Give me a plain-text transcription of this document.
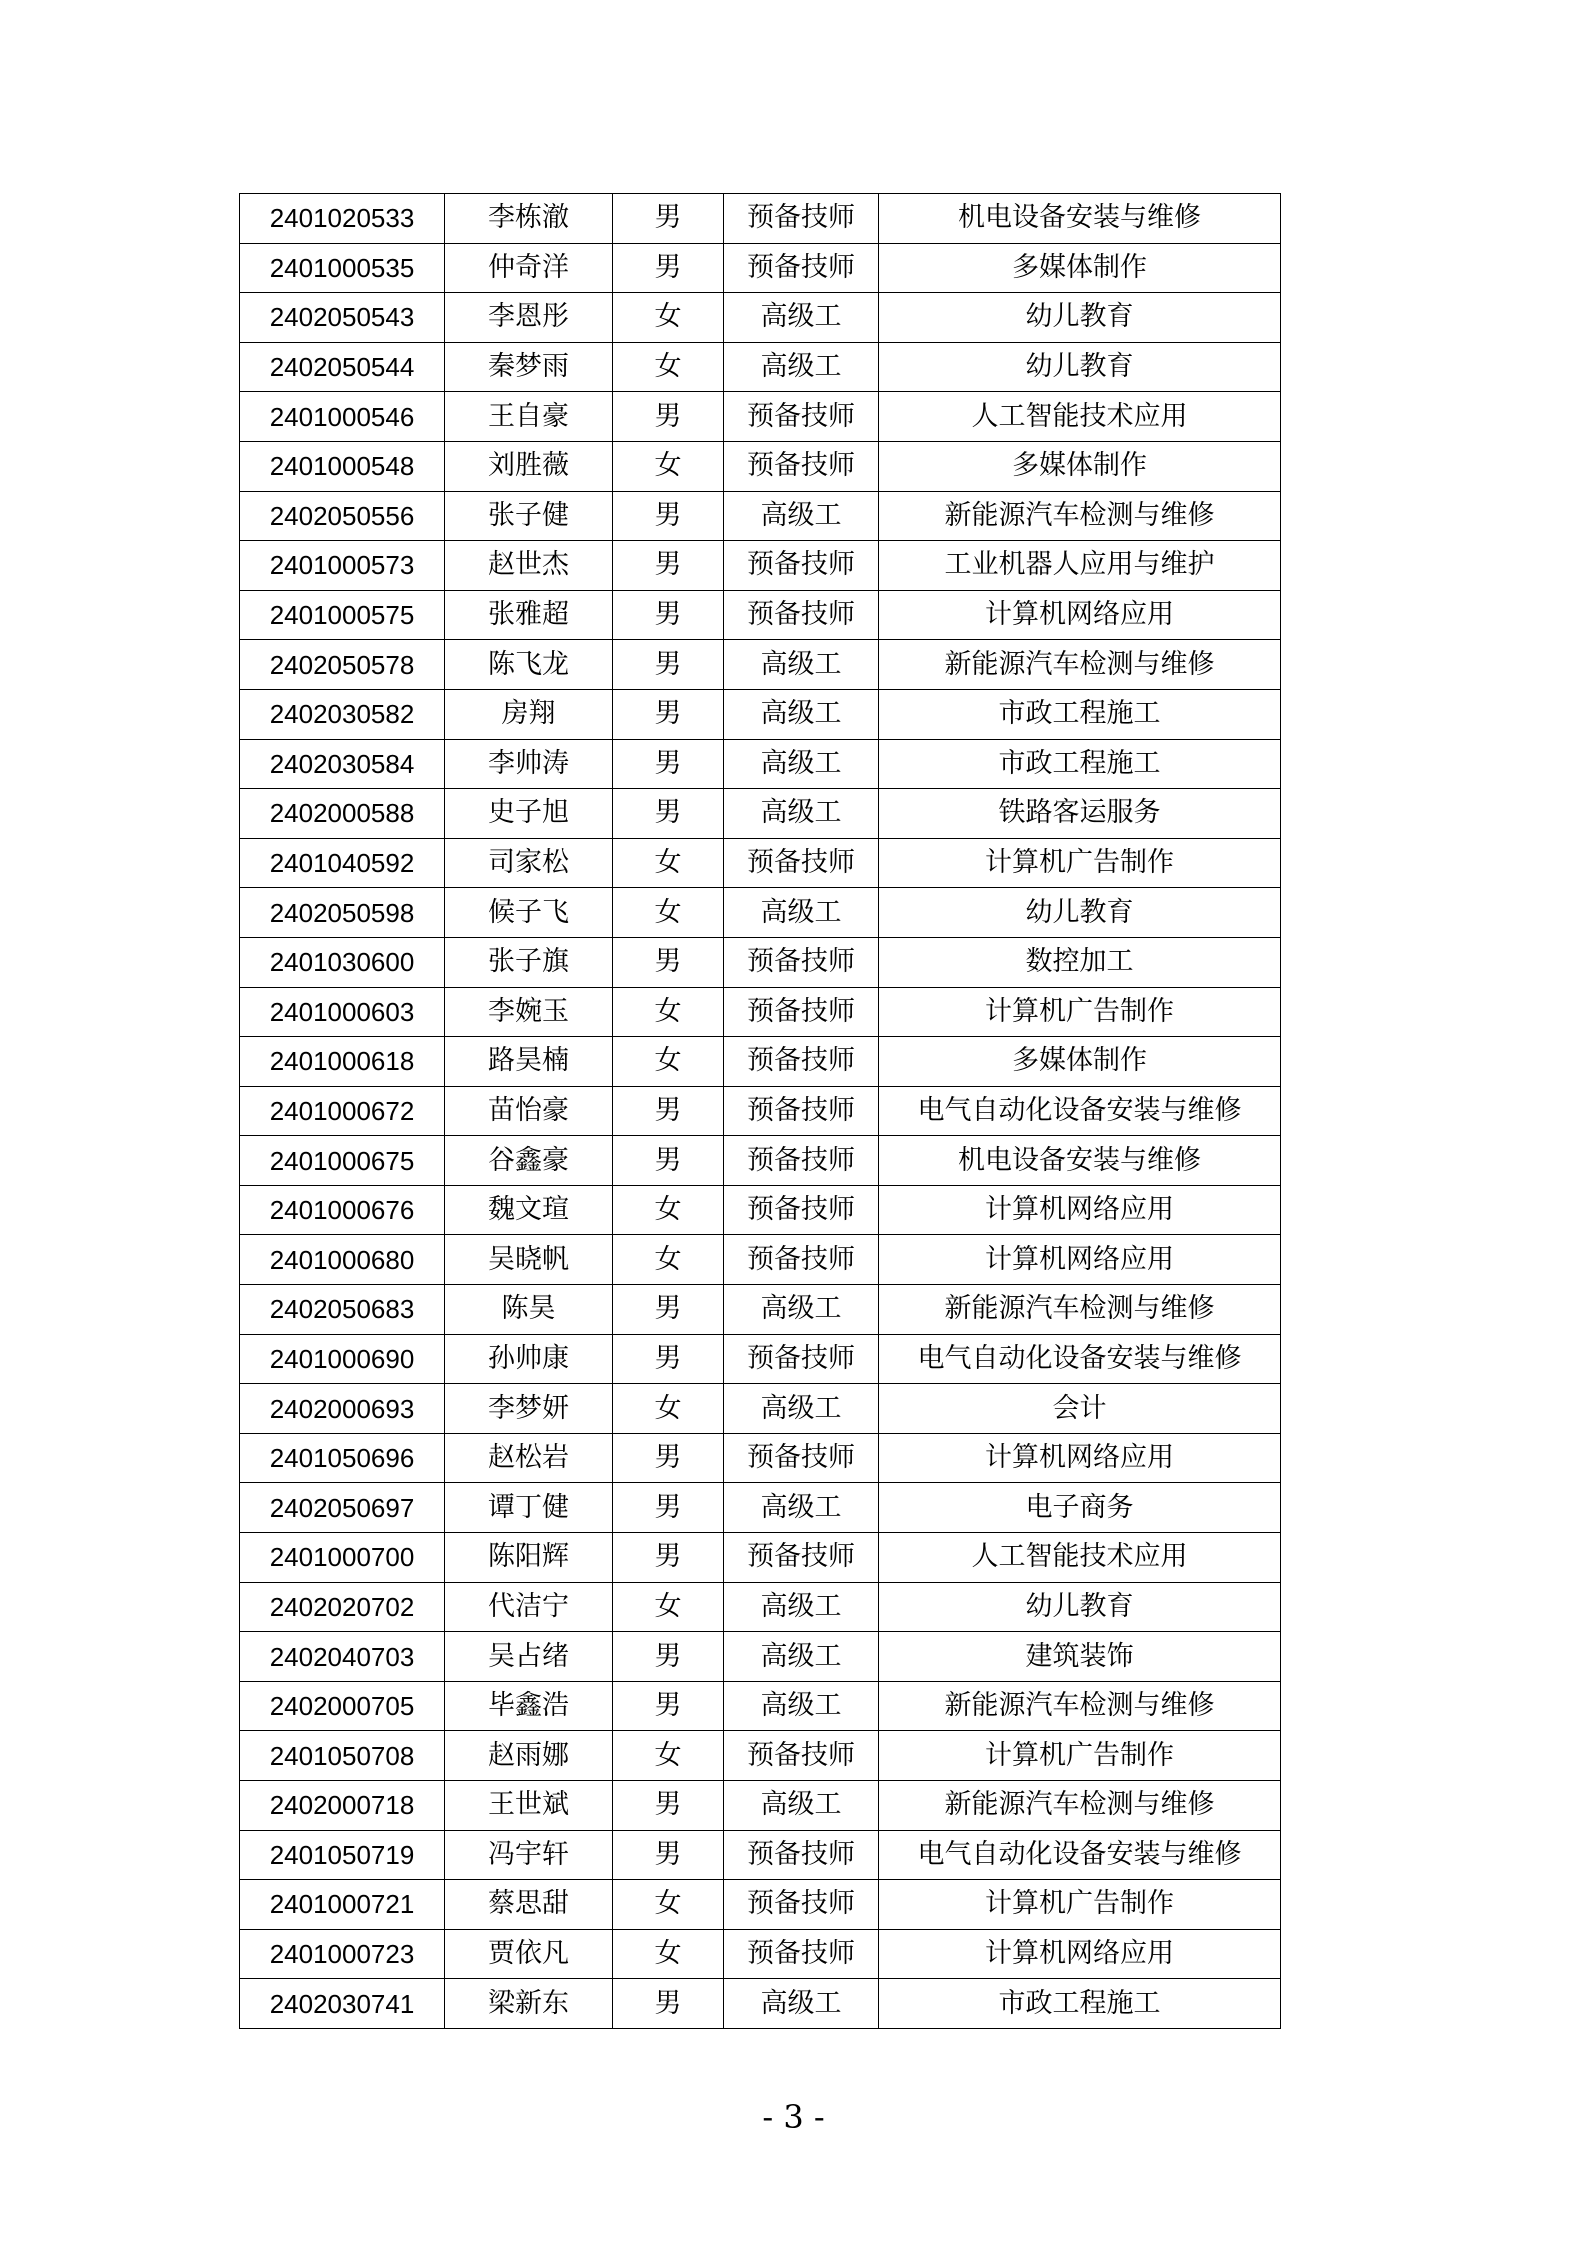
2401020533	李栋澈	男	预备技师	机电设备安装与维修
2401000535	仲奇洋	男	预备技师	多媒体制作
2402050543	李恩彤	女	高级工	幼儿教育
2402050544	秦梦雨	女	高级工	幼儿教育
2401000546	王自豪	男	预备技师	人工智能技术应用
2401000548	刘胜薇	女	预备技师	多媒体制作
2402050556	张子健	男	高级工	新能源汽车检测与维修
2401000573	赵世杰	男	预备技师	工业机器人应用与维护
2401000575	张雅超	男	预备技师	计算机网络应用
2402050578	陈飞龙	男	高级工	新能源汽车检测与维修
2402030582	房翔	男	高级工	市政工程施工
2402030584	李帅涛	男	高级工	市政工程施工
2402000588	史子旭	男	高级工	铁路客运服务
2401040592	司家松	女	预备技师	计算机广告制作
2402050598	候子飞	女	高级工	幼儿教育
2401030600	张子旗	男	预备技师	数控加工
2401000603	李婉玉	女	预备技师	计算机广告制作
2401000618	路昊楠	女	预备技师	多媒体制作
2401000672	苗怡豪	男	预备技师	电气自动化设备安装与维修
2401000675	谷鑫豪	男	预备技师	机电设备安装与维修
2401000676	魏文瑄	女	预备技师	计算机网络应用
2401000680	吴晓帆	女	预备技师	计算机网络应用
2402050683	陈昊	男	高级工	新能源汽车检测与维修
2401000690	孙帅康	男	预备技师	电气自动化设备安装与维修
2402000693	李梦妍	女	高级工	会计
2401050696	赵松岩	男	预备技师	计算机网络应用
2402050697	谭丁健	男	高级工	电子商务
2401000700	陈阳辉	男	预备技师	人工智能技术应用
2402020702	代洁宁	女	高级工	幼儿教育
2402040703	吴占绪	男	高级工	建筑装饰
2402000705	毕鑫浩	男	高级工	新能源汽车检测与维修
2401050708	赵雨娜	女	预备技师	计算机广告制作
2402000718	王世斌	男	高级工	新能源汽车检测与维修
2401050719	冯宇轩	男	预备技师	电气自动化设备安装与维修
2401000721	蔡思甜	女	预备技师	计算机广告制作
2401000723	贾依凡	女	预备技师	计算机网络应用
2402030741	梁新东	男	高级工	市政工程施工
- 3 -
